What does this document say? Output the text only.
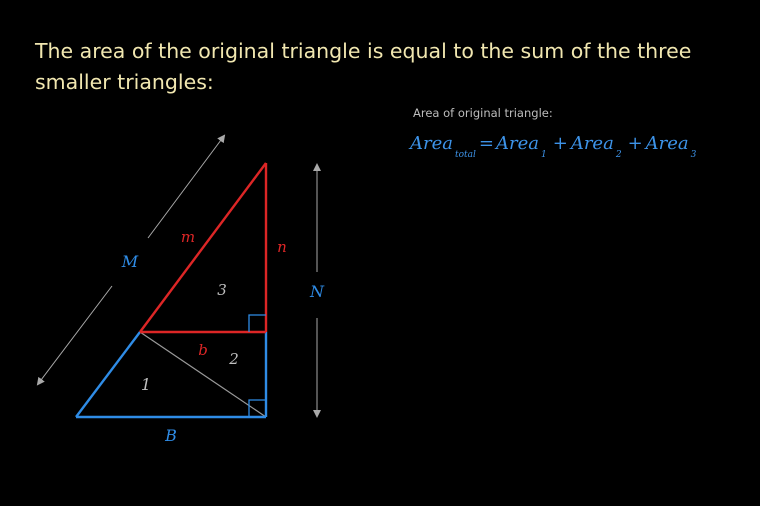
The area of the original triangle is equal to the sum of the three
smaller triangles:

Area of original triangle:
Area$_{total}$= Area$_1$+ Area$_2$+ Area$_3$
M
N
B
m
n
b
1
2
3
